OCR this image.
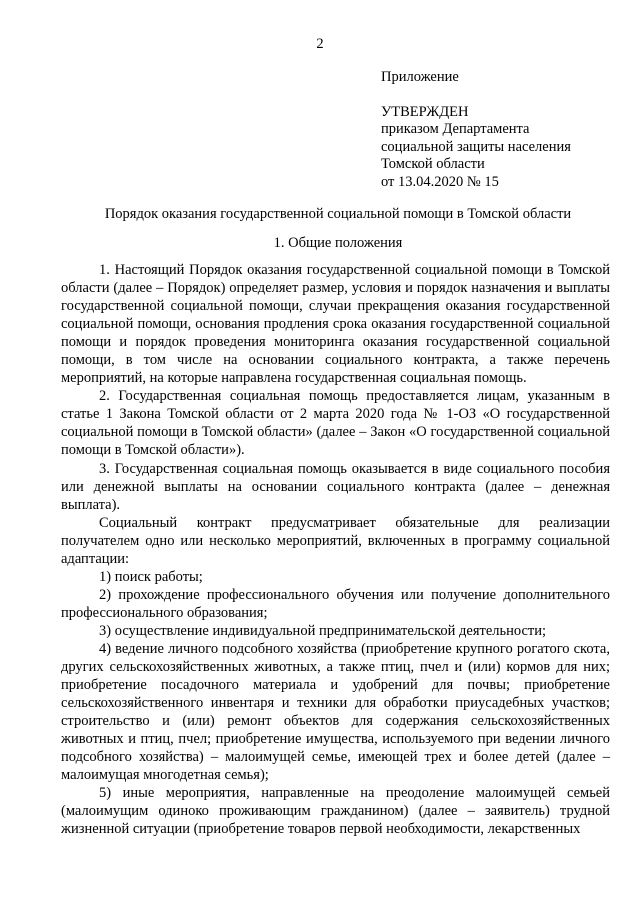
2
Приложение
УТВЕРЖДЕН
приказом Департамента
социальной защиты населения
Томской области
от 13.04.2020 № 15
Порядок оказания государственной социальной помощи в Томской области
1. Общие положения

1. Настоящий Порядок оказания государственной социальной помощи в Томской области (далее – Порядок) определяет размер, условия и порядок назначения и выплаты государственной социальной помощи, случаи прекращения оказания государственной социальной помощи, основания продления срока оказания государственной социальной помощи и порядок проведения мониторинга оказания государственной социальной помощи, в том числе на основании социального контракта, а также перечень мероприятий, на которые направлена государственная социальная помощь.

2. Государственная социальная помощь предоставляется лицам, указанным в статье 1 Закона Томской области от 2 марта 2020 года № 1-ОЗ «О государственной социальной помощи в Томской области» (далее – Закон «О государственной социальной помощи в Томской области»).

3. Государственная социальная помощь оказывается в виде социального пособия или денежной выплаты на основании социального контракта (далее – денежная выплата).

Социальный контракт предусматривает обязательные для реализации получателем одно или несколько мероприятий, включенных в программу социальной адаптации:

1) поиск работы;

2) прохождение профессионального обучения или получение дополнительного профессионального образования;

3) осуществление индивидуальной предпринимательской деятельности;

4) ведение личного подсобного хозяйства (приобретение крупного рогатого скота, других сельскохозяйственных животных, а также птиц, пчел и (или) кормов для них; приобретение посадочного материала и удобрений для почвы; приобретение сельскохозяйственного инвентаря и техники для обработки приусадебных участков; строительство и (или) ремонт объектов для содержания сельскохозяйственных животных и птиц, пчел; приобретение имущества, используемого при ведении личного подсобного хозяйства) – малоимущей семье, имеющей трех и более детей (далее – малоимущая многодетная семья);

5) иные мероприятия, направленные на преодоление малоимущей семьей (малоимущим одиноко проживающим гражданином) (далее – заявитель) трудной жизненной ситуации (приобретение товаров первой необходимости, лекарственных
